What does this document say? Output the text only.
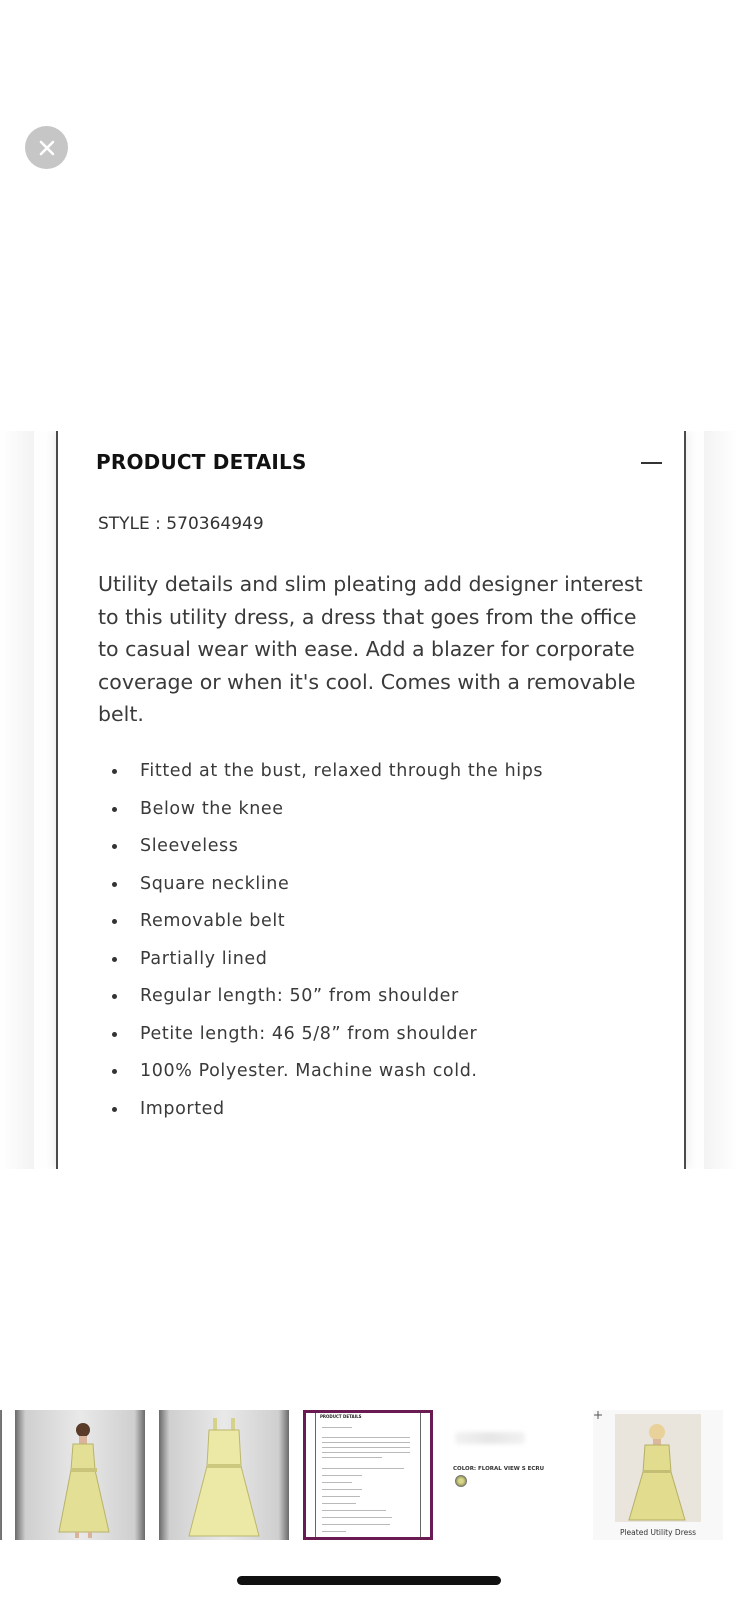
PRODUCT DETAILS
STYLE : 570364949

Utility details and slim pleating add designer interest to this utility dress, a dress that goes from the office to casual wear with ease. Add a blazer for corporate coverage or when it's cool. Comes with a removable belt.

Fitted at the bust, relaxed through the hips
Below the knee
Sleeveless
Square neckline
Removable belt
Partially lined
Regular length: 50” from shoulder
Petite length: 46 5/8” from shoulder
100% Polyester. Machine wash cold.
Imported
PRODUCT DETAILS
COLOR: FLORAL VIEW S ECRU
Pleated Utility Dress
